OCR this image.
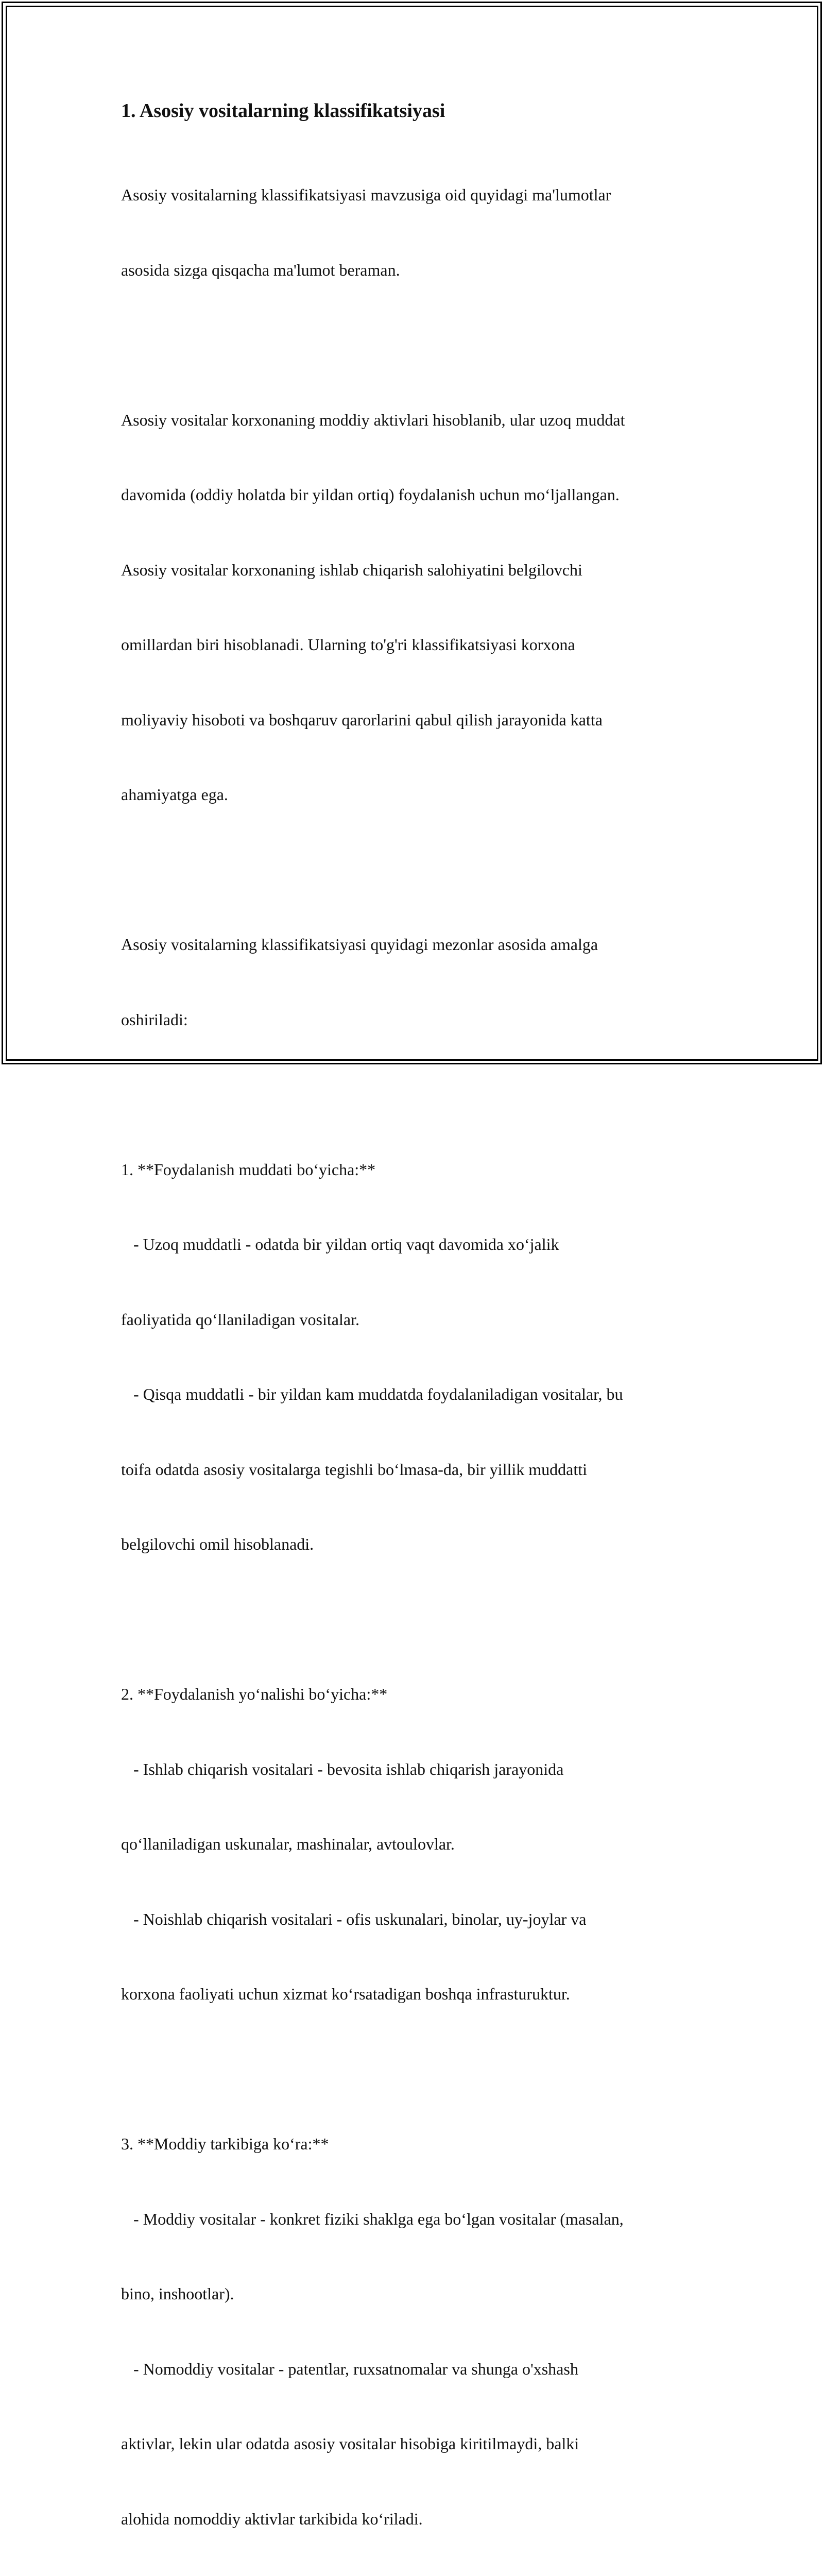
1. Asosiy vositalarning klassifikatsiyasi

Asosiy vositalarning klassifikatsiyasi mavzusiga oid quyidagi ma'lumotlar

asosida sizga qisqacha ma'lumot beraman.

Asosiy vositalar korxonaning moddiy aktivlari hisoblanib, ular uzoq muddat

davomida (oddiy holatda bir yildan ortiq) foydalanish uchun mo‘ljallangan.

Asosiy vositalar korxonaning ishlab chiqarish salohiyatini belgilovchi

omillardan biri hisoblanadi. Ularning to'g'ri klassifikatsiyasi korxona

moliyaviy hisoboti va boshqaruv qarorlarini qabul qilish jarayonida katta

ahamiyatga ega.

Asosiy vositalarning klassifikatsiyasi quyidagi mezonlar asosida amalga

oshiriladi:

1. **Foydalanish muddati bo‘yicha:**

- Uzoq muddatli - odatda bir yildan ortiq vaqt davomida xo‘jalik

faoliyatida qo‘llaniladigan vositalar.

- Qisqa muddatli - bir yildan kam muddatda foydalaniladigan vositalar, bu

toifa odatda asosiy vositalarga tegishli bo‘lmasa-da, bir yillik muddatti

belgilovchi omil hisoblanadi.

2. **Foydalanish yo‘nalishi bo‘yicha:**

- Ishlab chiqarish vositalari - bevosita ishlab chiqarish jarayonida

qo‘llaniladigan uskunalar, mashinalar, avtoulovlar.

- Noishlab chiqarish vositalari - ofis uskunalari, binolar, uy-joylar va

korxona faoliyati uchun xizmat ko‘rsatadigan boshqa infrasturuktur.

3. **Moddiy tarkibiga ko‘ra:**

- Moddiy vositalar - konkret fiziki shaklga ega bo‘lgan vositalar (masalan,

bino, inshootlar).

- Nomoddiy vositalar - patentlar, ruxsatnomalar va shunga o'xshash

aktivlar, lekin ular odatda asosiy vositalar hisobiga kiritilmaydi, balki

alohida nomoddiy aktivlar tarkibida ko‘riladi.
